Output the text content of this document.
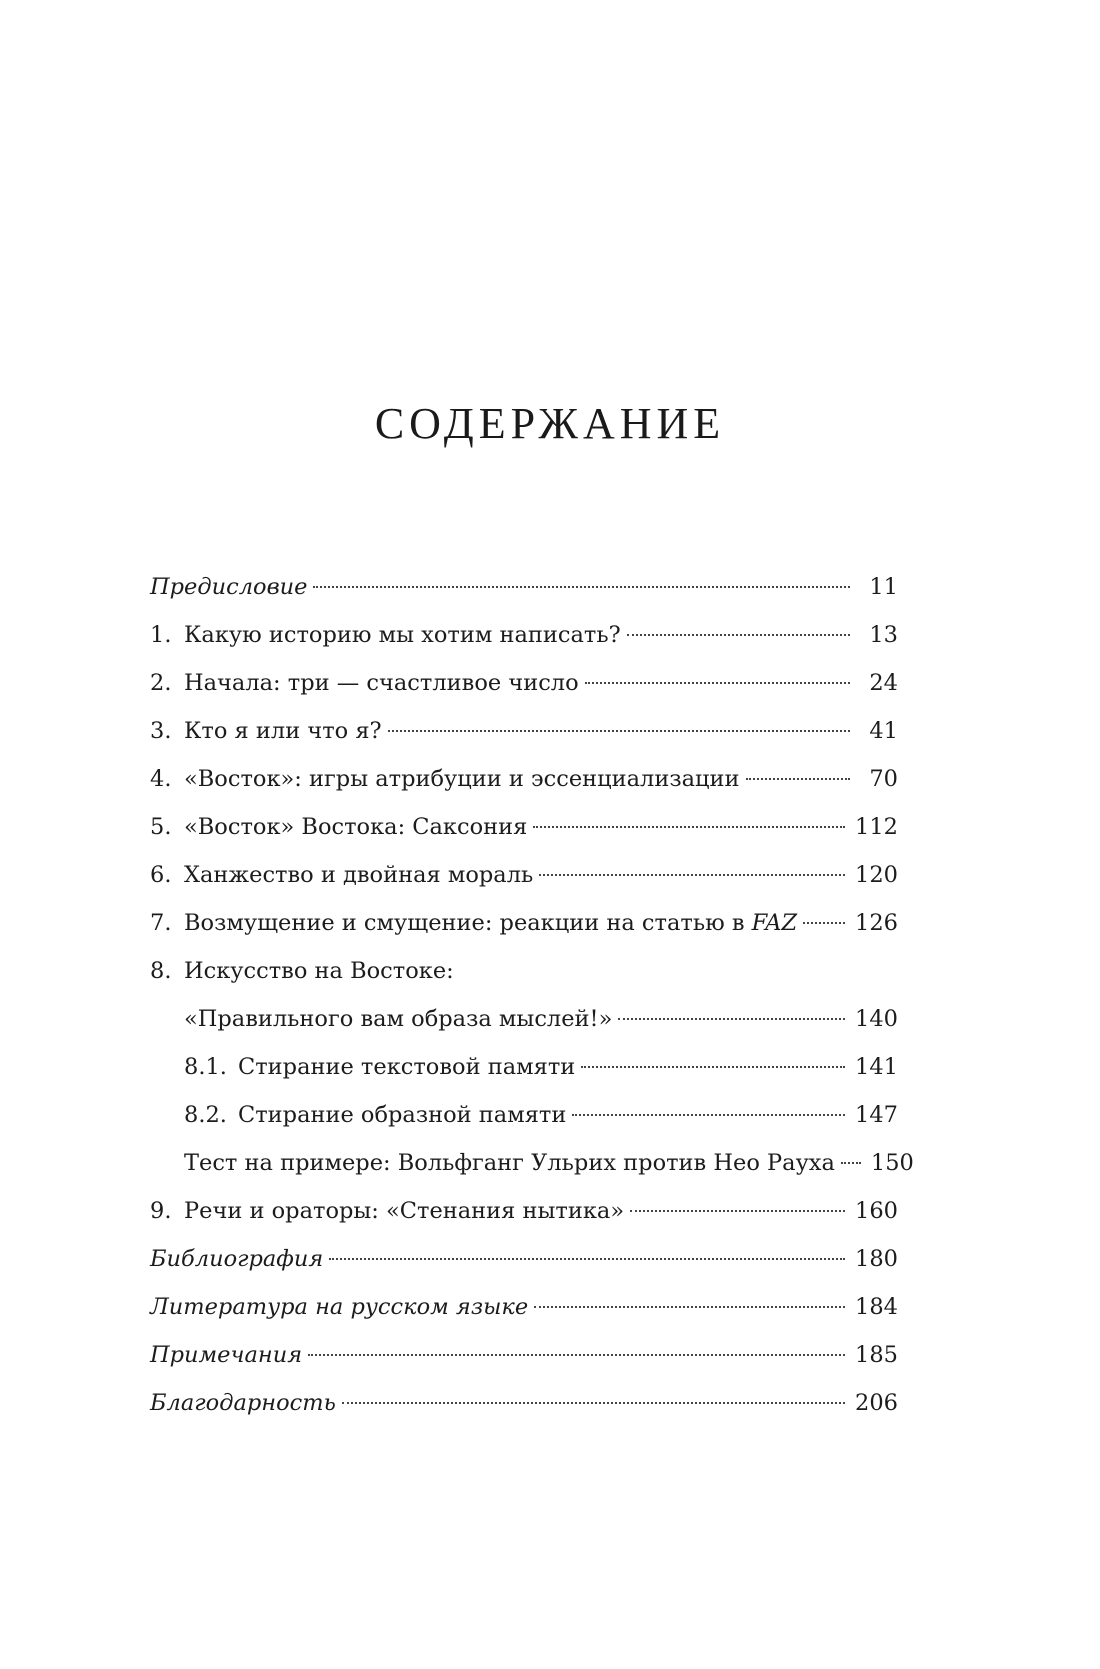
СОДЕРЖАНИЕ
Предисловие	11
1. Какую историю мы хотим написать?	13
2. Начала: три — счастливое число	24
3. Кто я или что я?	41
4. «Восток»: игры атрибуции и эссенциализации	70
5. «Восток» Востока: Саксония	112
6. Ханжество и двойная мораль	120
7. Возмущение и смущение: реакции на статью в FAZ	126
8. Искусство на Востоке:
«Правильного вам образа мыслей!»	140
8.1. Стирание текстовой памяти	141
8.2. Стирание образной памяти	147
Тест на примере: Вольфганг Ульрих против Нео Рауха 150
9. Речи и ораторы: «Стенания нытика»	160
Библиография	180
Литература на русском языке	184
Примечания	185
Благодарность	206
